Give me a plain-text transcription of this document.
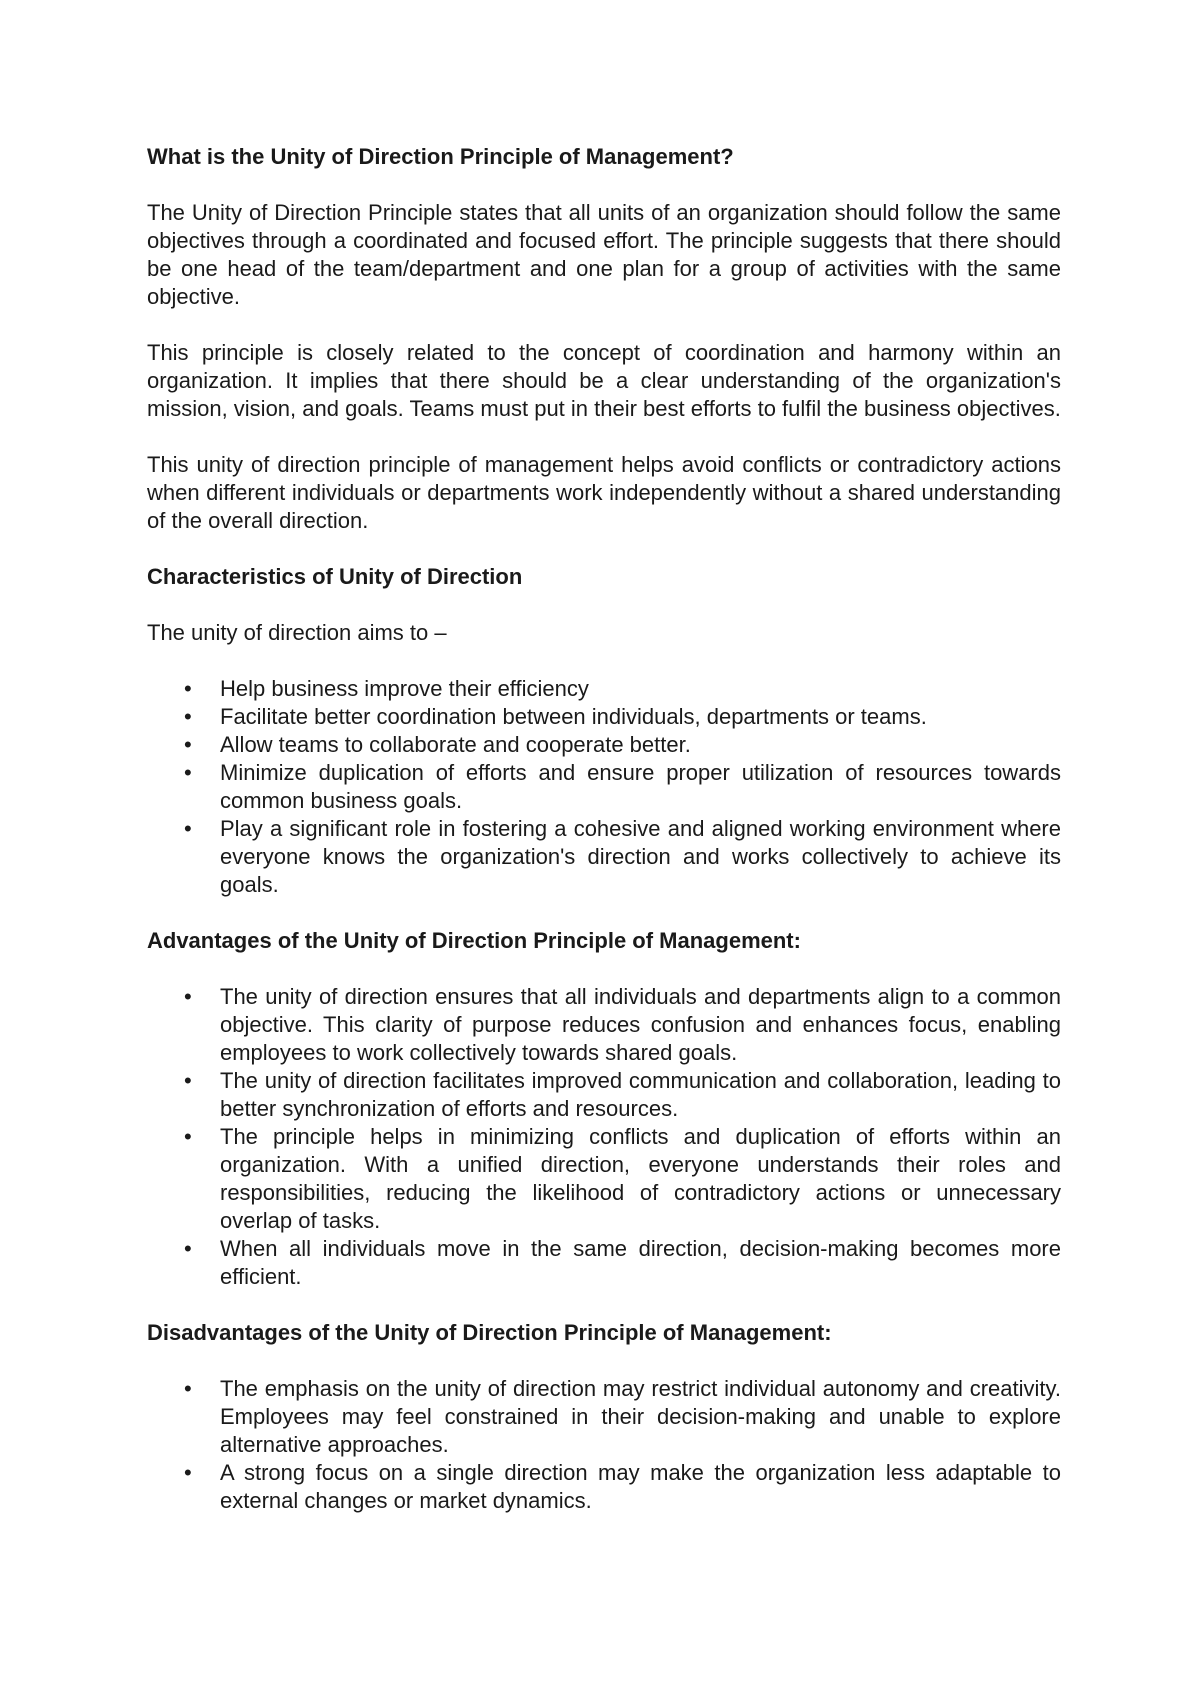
What is the Unity of Direction Principle of Management?

The Unity of Direction Principle states that all units of an organization should follow the same objectives through a coordinated and focused effort. The principle suggests that there should be one head of the team/department and one plan for a group of activities with the same objective.

This principle is closely related to the concept of coordination and harmony within an organization. It implies that there should be a clear understanding of the organization's mission, vision, and goals. Teams must put in their best efforts to fulfil the business objectives.

This unity of direction principle of management helps avoid conflicts or contradictory actions when different individuals or departments work independently without a shared understanding of the overall direction.

Characteristics of Unity of Direction

The unity of direction aims to –

• Help business improve their efficiency
• Facilitate better coordination between individuals, departments or teams.
• Allow teams to collaborate and cooperate better.
• Minimize duplication of efforts and ensure proper utilization of resources towards common business goals.
• Play a significant role in fostering a cohesive and aligned working environment where everyone knows the organization's direction and works collectively to achieve its goals.

Advantages of the Unity of Direction Principle of Management:

• The unity of direction ensures that all individuals and departments align to a common objective. This clarity of purpose reduces confusion and enhances focus, enabling employees to work collectively towards shared goals.
• The unity of direction facilitates improved communication and collaboration, leading to better synchronization of efforts and resources.
• The principle helps in minimizing conflicts and duplication of efforts within an organization. With a unified direction, everyone understands their roles and responsibilities, reducing the likelihood of contradictory actions or unnecessary overlap of tasks.
• When all individuals move in the same direction, decision-making becomes more efficient.

Disadvantages of the Unity of Direction Principle of Management:

• The emphasis on the unity of direction may restrict individual autonomy and creativity. Employees may feel constrained in their decision-making and unable to explore alternative approaches.
• A strong focus on a single direction may make the organization less adaptable to external changes or market dynamics.
